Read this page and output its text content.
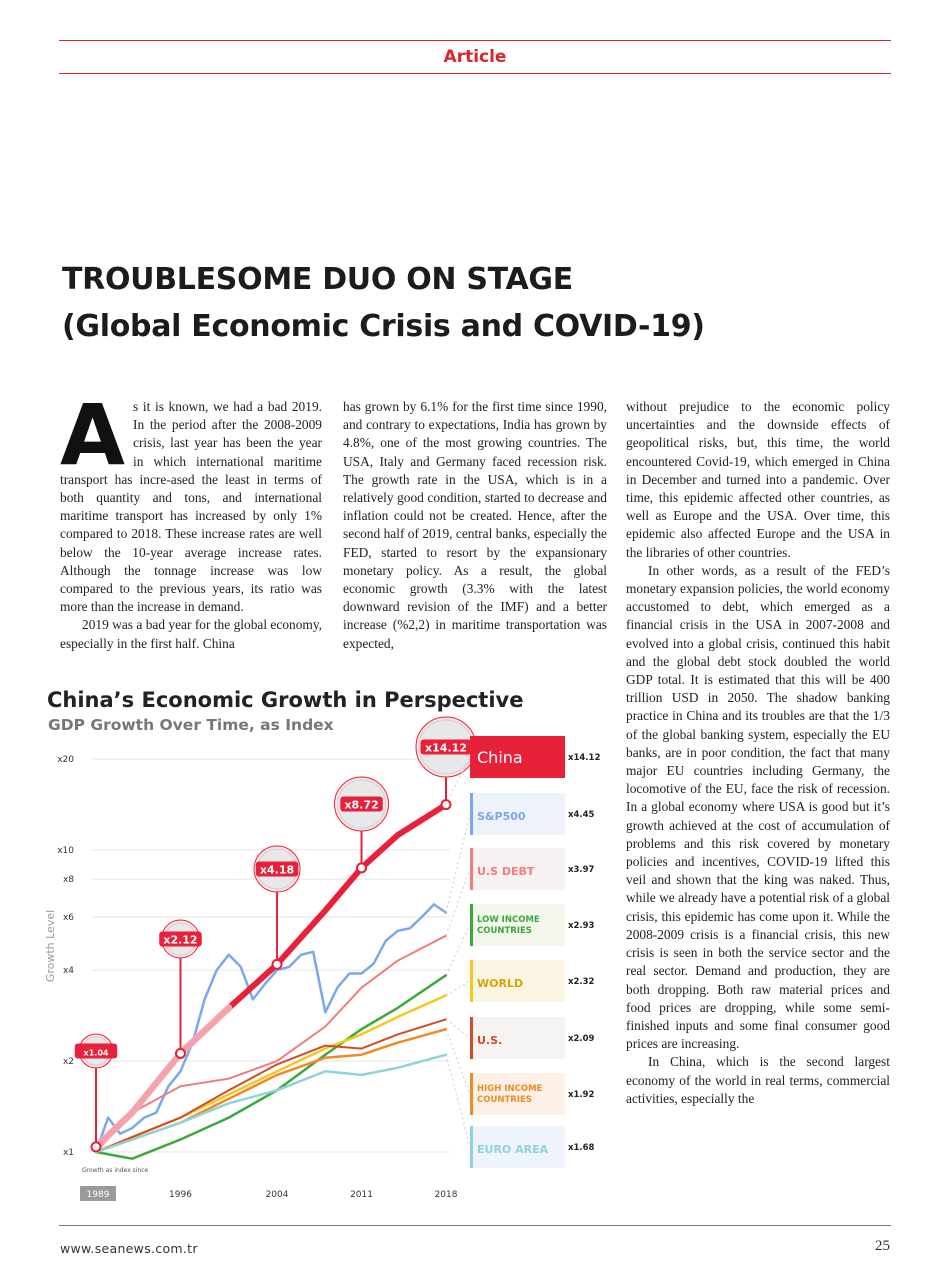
Article
TROUBLESOME DUO ON STAGE
(Global Economic Crisis and COVID-19)

As it is known, we had a bad 2019. In the period after the 2008-2009 crisis, last year has been the year in which international maritime transport has incre-ased the least in terms of both quantity and tons, and international maritime transport has increased by only 1% compared to 2018. These increase rates are well below the 10-year average increase rates. Although the tonnage increase was low compared to the previous years, its ratio was more than the increase in demand.

2019 was a bad year for the global economy, especially in the first half. China

has grown by 6.1% for the first time since 1990, and contrary to expectations, India has grown by 4.8%, one of the most growing countries. The USA, Italy and Germany faced recession risk. The growth rate in the USA, which is in a relatively good condition, started to decrease and inflation could not be created. Hence, after the second half of 2019, central banks, especially the FED, started to resort by the expansionary monetary policy. As a result, the global economic growth (3.3% with the latest downward revision of the IMF) and a better increase (%2,2) in maritime transportation was expected,

without prejudice to the economic policy uncertainties and the downside effects of geopolitical risks, but, this time, the world encountered Covid-19, which emerged in China in December and turned into a pandemic. Over time, this epidemic affected other countries, as well as Europe and the USA. Over time, this epidemic also affected Europe and the USA in the libraries of other countries.

In other words, as a result of the FED’s monetary expansion policies, the world economy accustomed to debt, which emerged as a financial crisis in the USA in 2007-2008 and evolved into a global crisis, continued this habit and the global debt stock doubled the world GDP total. It is estimated that this will be 400 trillion USD in 2050. The shadow banking practice in China and its troubles are that the 1/3 of the global banking system, especially the EU banks, are in poor condition, the fact that many major EU countries including Germany, the locomotive of the EU, face the risk of recession. In a global economy where USA is good but it’s growth achieved at the cost of accumulation of problems and this risk covered by monetary policies and incentives, COVID-19 lifted this veil and shown that the king was naked. Thus, while we already have a potential risk of a global crisis, this epidemic has come upon it. While the 2008-2009 crisis is a financial crisis, this new crisis is seen in both the service sector and the real sector. Demand and production, they are both dropping. Both raw material prices and food prices are dropping, while some semi-finished inputs and some final consumer good prices are increasing.

In China, which is the second largest economy of the world in real terms, commercial activities, especially the

China’s Economic Growth in Perspective
GDP Growth Over Time, as Index
x1
x2
x4
x6
x8
x10
x20
Growth Level
1989	1996	2004	2011	2018
Growth as index since
x1.04
x2.12
x4.18
x8.72
x14.12 China	x14.12
S&P500	x4.45
U.S DEBT	x3.97
LOW INCOME
COUNTRIES	x2.93
WORLD	x2.32
U.S.	x2.09
HIGH INCOME
COUNTRIES	x1.92
EURO AREA x1.68
www.seanews.com.tr	25
